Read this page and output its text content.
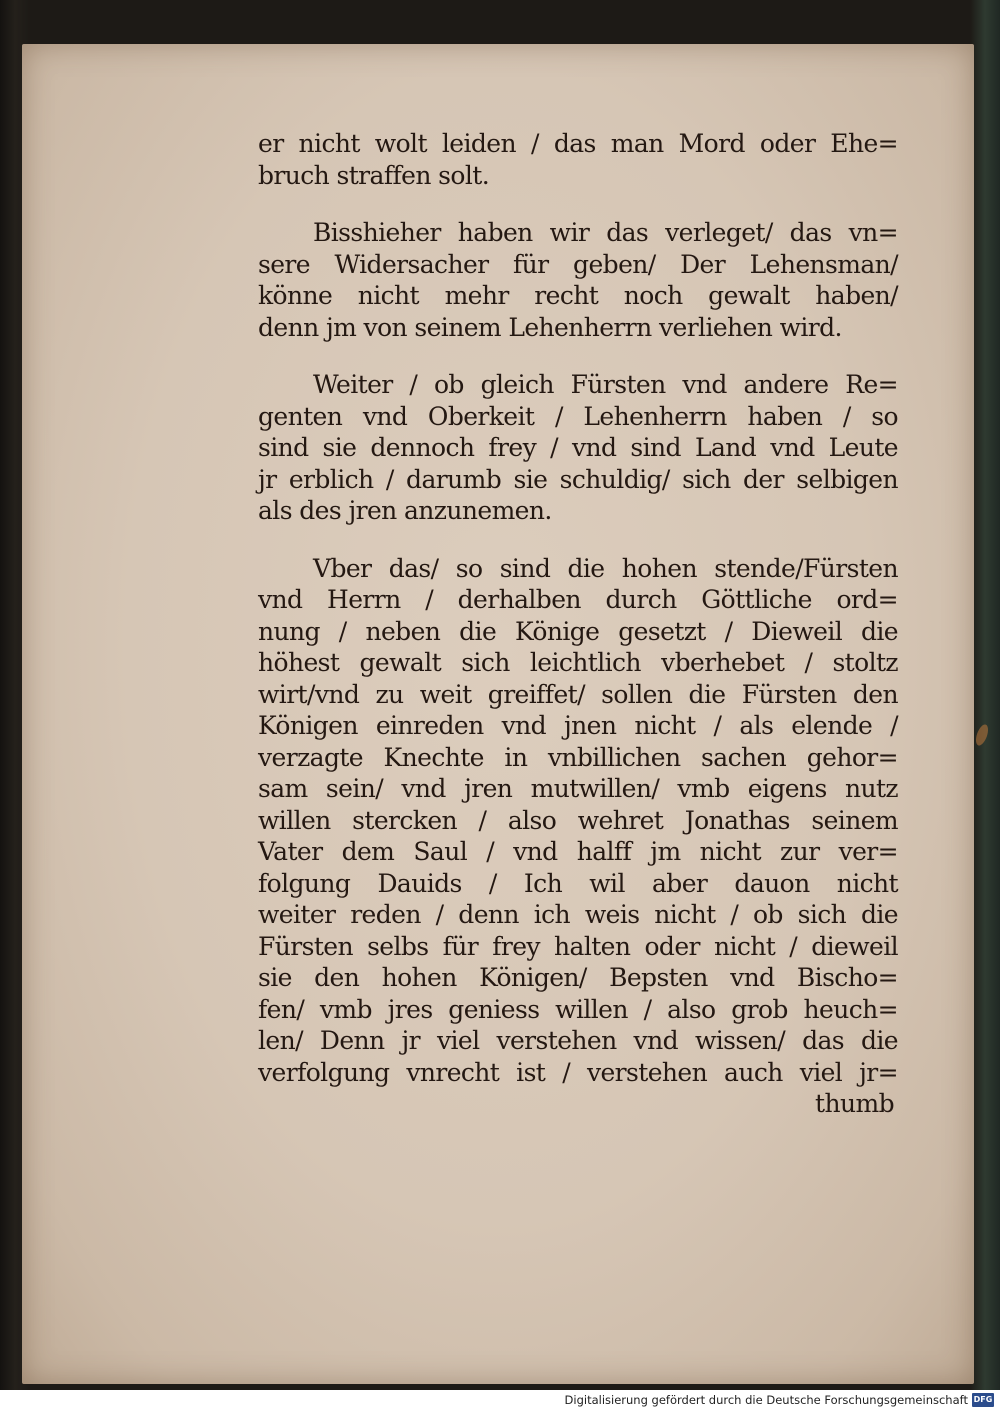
er nicht wolt leiden / das man Mord oder Ehe=
bruch straffen solt.
Bisshieher haben wir das verleget/ das vn=
sere Widersacher für geben/ Der Lehensman/
könne nicht mehr recht noch gewalt haben/
denn jm von seinem Lehenherrn verliehen wird.
Weiter / ob gleich Fürsten vnd andere Re=
genten vnd Oberkeit / Lehenherrn haben / so
sind sie dennoch frey / vnd sind Land vnd Leute
jr erblich / darumb sie schuldig/ sich der selbigen
als des jren anzunemen.
Vber das/ so sind die hohen stende/Fürsten
vnd Herrn / derhalben durch Göttliche ord=
nung / neben die Könige gesetzt / Dieweil die
höhest gewalt sich leichtlich vberhebet / stoltz
wirt/vnd zu weit greiffet/ sollen die Fürsten den
Königen einreden vnd jnen nicht / als elende /
verzagte Knechte in vnbillichen sachen gehor=
sam sein/ vnd jren mutwillen/ vmb eigens nutz
willen stercken / also wehret Jonathas seinem
Vater dem Saul / vnd halff jm nicht zur ver=
folgung Dauids / Ich wil aber dauon nicht
weiter reden / denn ich weis nicht / ob sich die
Fürsten selbs für frey halten oder nicht / dieweil
sie den hohen Königen/ Bepsten vnd Bischo=
fen/ vmb jres geniess willen / also grob heuch=
len/ Denn jr viel verstehen vnd wissen/ das die
verfolgung vnrecht ist / verstehen auch viel jr=
thumb
Digitalisierung gefördert durch die Deutsche Forschungsgemeinschaft DFG
